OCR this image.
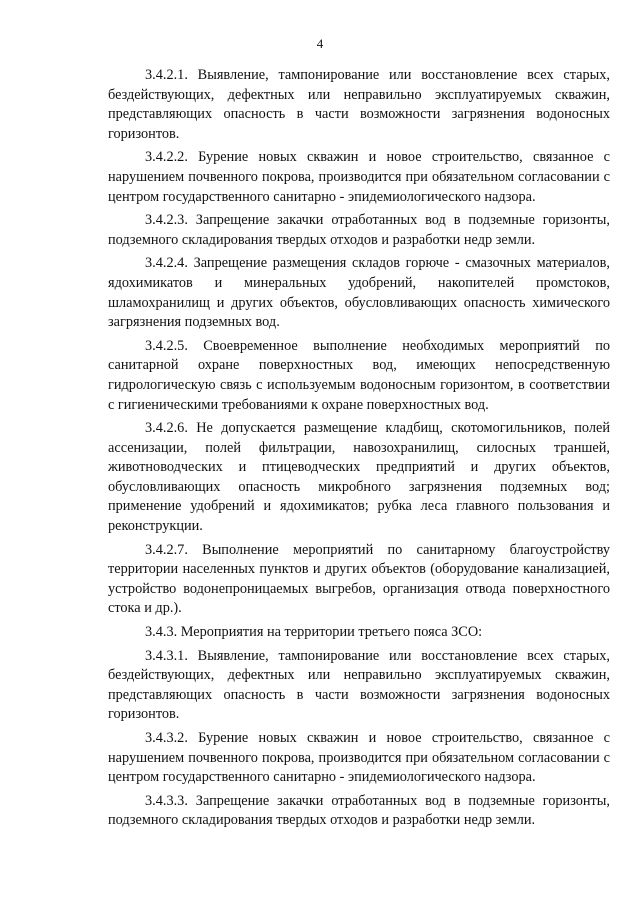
4

3.4.2.1. Выявление, тампонирование или восстановление всех старых, бездействующих, дефектных или неправильно эксплуатируемых скважин, представляющих опасность в части возможности загрязнения водоносных горизонтов.

3.4.2.2. Бурение новых скважин и новое строительство, связанное с нарушением почвенного покрова, производится при обязательном согласовании с центром государственного санитарно - эпидемиологического надзора.

3.4.2.3. Запрещение закачки отработанных вод в подземные горизонты, подземного складирования твердых отходов и разработки недр земли.

3.4.2.4. Запрещение размещения складов горюче - смазочных материалов, ядохимикатов и минеральных удобрений, накопителей промстоков, шламохранилищ и других объектов, обусловливающих опасность химического загрязнения подземных вод.

3.4.2.5. Своевременное выполнение необходимых мероприятий по санитарной охране поверхностных вод, имеющих непосредственную гидрологическую связь с используемым водоносным горизонтом, в соответствии с гигиеническими требованиями к охране поверхностных вод.

3.4.2.6. Не допускается размещение кладбищ, скотомогильников, полей ассенизации, полей фильтрации, навозохранилищ, силосных траншей, животноводческих и птицеводческих предприятий и других объектов, обусловливающих опасность микробного загрязнения подземных вод; применение удобрений и ядохимикатов; рубка леса главного пользования и реконструкции.

3.4.2.7. Выполнение мероприятий по санитарному благоустройству территории населенных пунктов и других объектов (оборудование канализацией, устройство водонепроницаемых выгребов, организация отвода поверхностного стока и др.).

3.4.3. Мероприятия на территории третьего пояса ЗСО:

3.4.3.1. Выявление, тампонирование или восстановление всех старых, бездействующих, дефектных или неправильно эксплуатируемых скважин, представляющих опасность в части возможности загрязнения водоносных горизонтов.

3.4.3.2. Бурение новых скважин и новое строительство, связанное с нарушением почвенного покрова, производится при обязательном согласовании с центром государственного санитарно - эпидемиологического надзора.

3.4.3.3. Запрещение закачки отработанных вод в подземные горизонты, подземного складирования твердых отходов и разработки недр земли.
